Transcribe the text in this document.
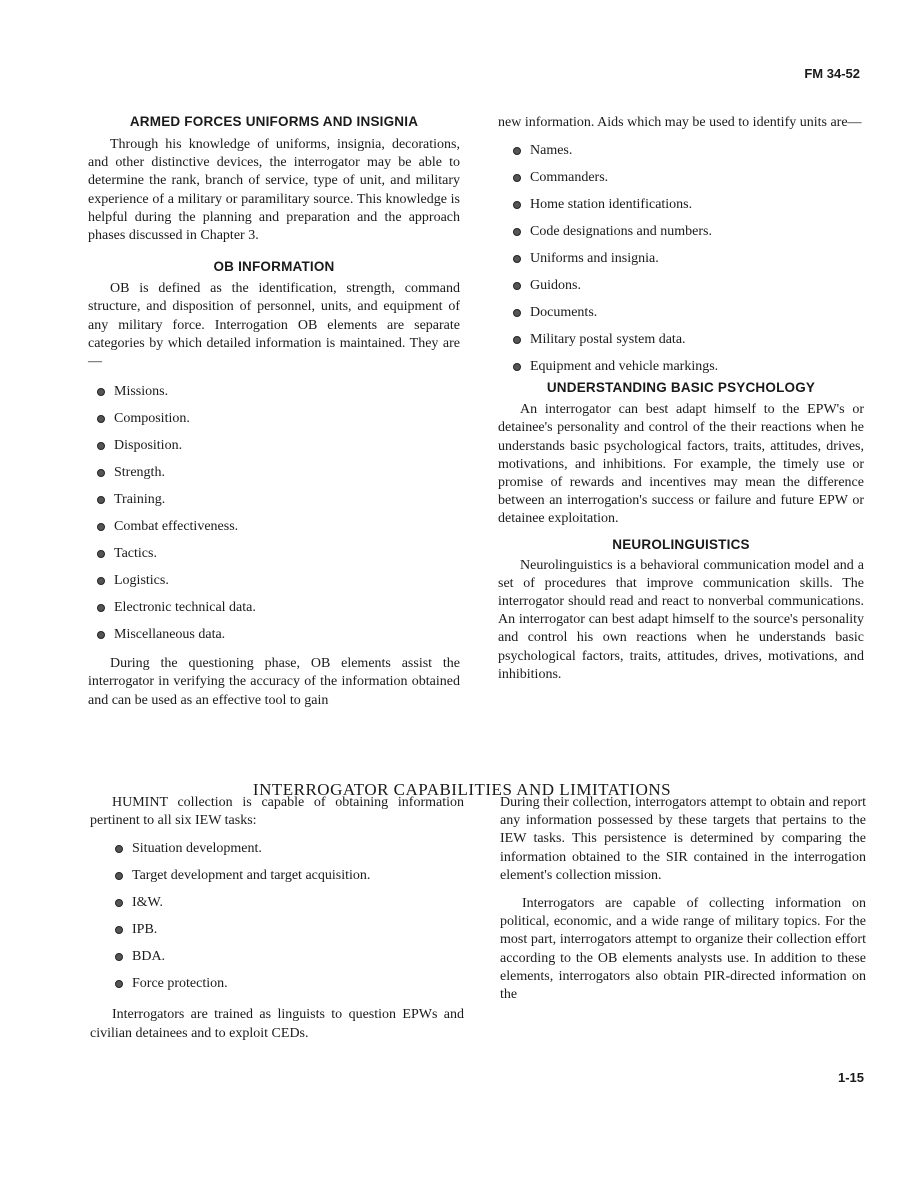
FM 34-52
ARMED FORCES UNIFORMS AND INSIGNIA

Through his knowledge of uniforms, insignia, decorations, and other distinctive devices, the interrogator may be able to determine the rank, branch of service, type of unit, and military experience of a military or paramilitary source. This knowledge is helpful during the planning and preparation and the approach phases discussed in Chapter 3.

OB INFORMATION

OB is defined as the identification, strength, command structure, and disposition of personnel, units, and equipment of any military force. Interrogation OB elements are separate categories by which detailed information is maintained. They are—

Missions.
Composition.
Disposition.
Strength.
Training.
Combat effectiveness.
Tactics.
Logistics.
Electronic technical data.
Miscellaneous data.

During the questioning phase, OB elements assist the interrogator in verifying the accuracy of the information obtained and can be used as an effective tool to gain

new information. Aids which may be used to identify units are—

Names.
Commanders.
Home station identifications.
Code designations and numbers.
Uniforms and insignia.
Guidons.
Documents.
Military postal system data.
Equipment and vehicle markings.
UNDERSTANDING BASIC PSYCHOLOGY

An interrogator can best adapt himself to the EPW's or detainee's personality and control of the their reactions when he understands basic psychological factors, traits, attitudes, drives, motivations, and inhibitions. For example, the timely use or promise of rewards and incentives may mean the difference between an interrogation's success or failure and future EPW or detainee exploitation.

NEUROLINGUISTICS

Neurolinguistics is a behavioral communication model and a set of procedures that improve communication skills. The interrogator should read and react to nonverbal communications. An interrogator can best adapt himself to the source's personality and control his own reactions when he understands basic psychological factors, traits, attitudes, drives, motivations, and inhibitions.

INTERROGATOR CAPABILITIES AND LIMITATIONS

HUMINT collection is capable of obtaining information pertinent to all six IEW tasks:

Situation development.
Target development and target acquisition.
I&W.
IPB.
BDA.
Force protection.

Interrogators are trained as linguists to question EPWs and civilian detainees and to exploit CEDs.

During their collection, interrogators attempt to obtain and report any information possessed by these targets that pertains to the IEW tasks. This persistence is determined by comparing the information obtained to the SIR contained in the interrogation element's collection mission.

Interrogators are capable of collecting information on political, economic, and a wide range of military topics. For the most part, interrogators attempt to organize their collection effort according to the OB elements analysts use. In addition to these elements, interrogators also obtain PIR-directed information on the

1-15
